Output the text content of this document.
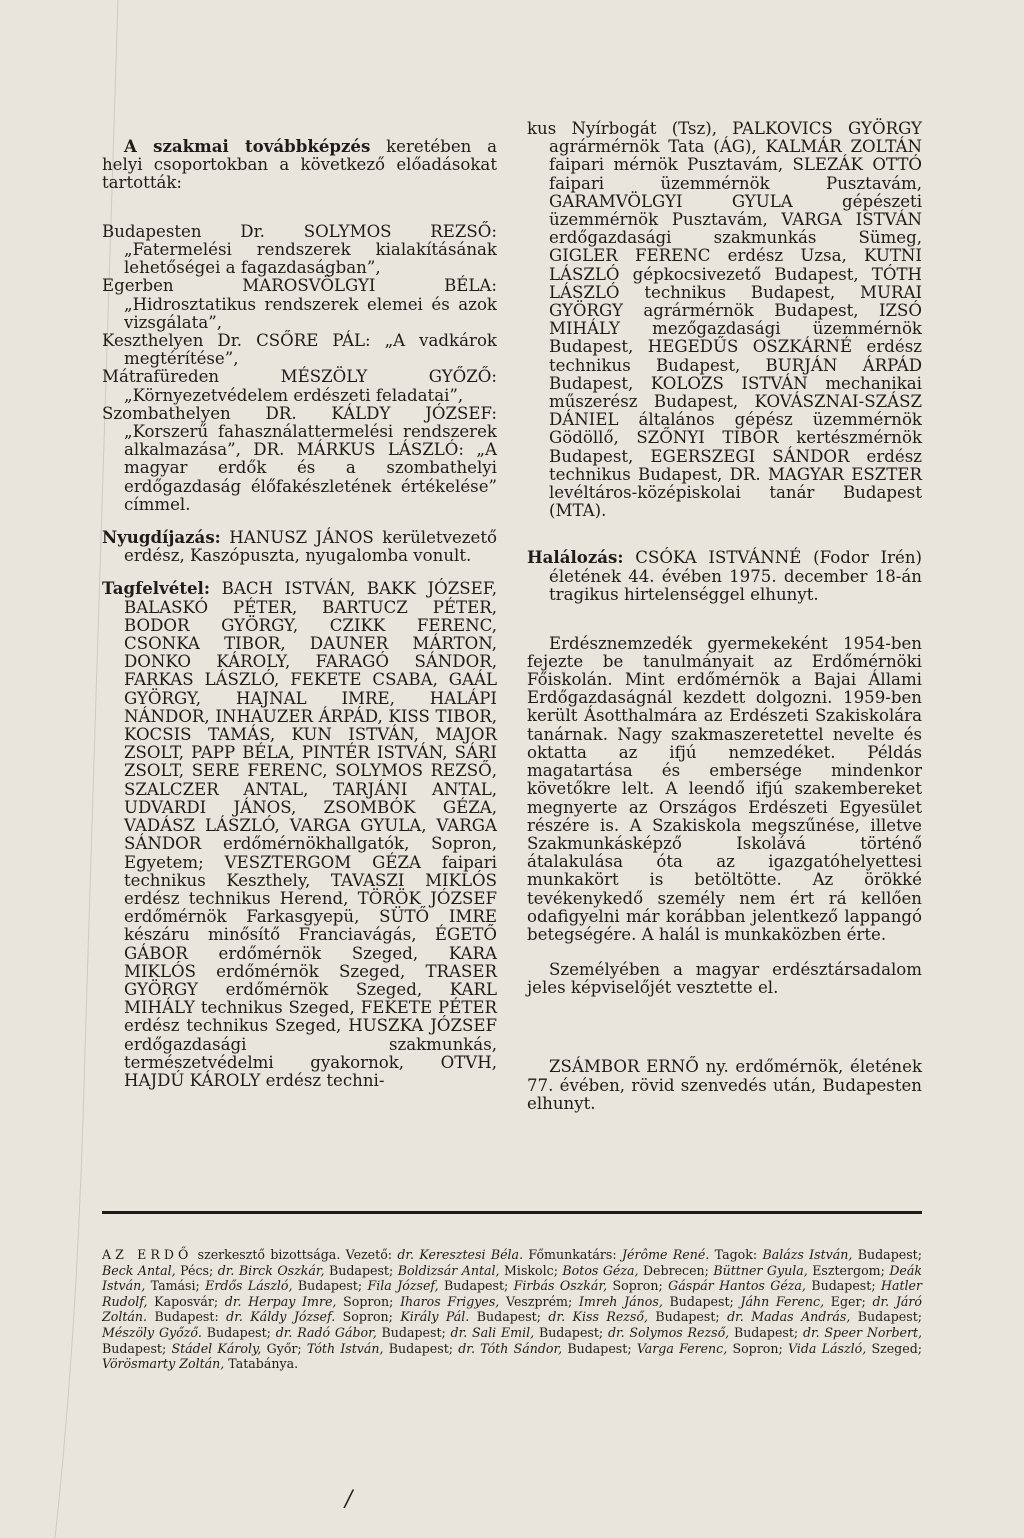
A szakmai továbbképzés keretében a helyi csoportokban a következő előadásokat tartották:

Budapesten Dr. SOLYMOS REZSŐ: „Fatermelési rendszerek kialakításának lehetőségei a fagazdaságban”,

Egerben MAROSVÖLGYI BÉLA: „Hidrosztatikus rendszerek elemei és azok vizsgálata”,

Keszthelyen Dr. CSŐRE PÁL: „A vadkárok megtérítése”,

Mátrafüreden MÉSZÖLY GYŐZŐ: „Környezetvédelem erdészeti feladatai”,

Szombathelyen DR. KÁLDY JÓZSEF: „Korszerű fahasználattermelési rendszerek alkalmazása”, DR. MÁRKUS LÁSZLÓ: „A magyar erdők és a szombathelyi erdőgazdaság élőfakészletének értékelése” címmel.

Nyugdíjazás: HANUSZ JÁNOS kerületvezető erdész, Kaszópuszta, nyugalomba vonult.

Tagfelvétel: BACH ISTVÁN, BAKK JÓZSEF, BALASKÓ PÉTER, BARTUCZ PÉTER, BODOR GYÖRGY, CZIKK FERENC, CSONKA TIBOR, DAUNER MÁRTON, DONKO KÁROLY, FARAGÓ SÁNDOR, FARKAS LÁSZLÓ, FEKETE CSABA, GAÁL GYÖRGY, HAJNAL IMRE, HALÁPI NÁNDOR, INHAUZER ÁRPÁD, KISS TIBOR, KOCSIS TAMÁS, KUN ISTVÁN, MAJOR ZSOLT, PAPP BÉLA, PINTÉR ISTVÁN, SÁRI ZSOLT, SERE FERENC, SOLYMOS REZSŐ, SZALCZER ANTAL, TARJÁNI ANTAL, UDVARDI JÁNOS, ZSOMBÓK GÉZA, VADÁSZ LÁSZLÓ, VARGA GYULA, VARGA SÁNDOR erdőmérnökhallgatók, Sopron, Egyetem; VESZTERGOM GÉZA faipari technikus Keszthely, TAVASZI MIKLÓS erdész technikus Herend, TÖRÖK JÓZSEF erdőmérnök Farkasgyepü, SÜTŐ IMRE készáru minősítő Franciavágás, ÉGETŐ GÁBOR erdőmérnök Szeged, KARA MIKLÓS erdőmérnök Szeged, TRASER GYÖRGY erdőmérnök Szeged, KARL MIHÁLY technikus Szeged, FEKETE PÉTER erdész technikus Szeged, HUSZKA JÓZSEF erdőgazdasági szakmunkás, természetvédelmi gyakornok, OTVH, HAJDÚ KÁROLY erdész techni-

kus Nyírbogát (Tsz), PALKOVICS GYÖRGY agrármérnök Tata (ÁG), KALMÁR ZOLTÁN faipari mérnök Pusztavám, SLEZÁK OTTÓ faipari üzemmérnök Pusztavám, GARAMVÖLGYI GYULA gépészeti üzemmérnök Pusztavám, VARGA ISTVÁN erdőgazdasági szakmunkás Sümeg, GIGLER FERENC erdész Uzsa, KUTNI LÁSZLÓ gépkocsivezető Budapest, TÓTH LÁSZLÓ technikus Budapest, MURAI GYÖRGY agrármérnök Budapest, IZSÓ MIHÁLY mezőgazdasági üzemmérnök Budapest, HEGEDŰS OSZKÁRNÉ erdész technikus Budapest, BURJÁN ÁRPÁD Budapest, KOLOZS ISTVÁN mechanikai műszerész Budapest, KOVÁSZNAI-SZÁSZ DÁNIEL általános gépész üzemmérnök Gödöllő, SZŐNYI TIBOR kertészmérnök Budapest, EGERSZEGI SÁNDOR erdész technikus Budapest, DR. MAGYAR ESZTER levéltáros-középiskolai tanár Budapest (MTA).

Halálozás: CSÓKA ISTVÁNNÉ (Fodor Irén) életének 44. évében 1975. december 18-án tragikus hirtelenséggel elhunyt.

Erdésznemzedék gyermekeként 1954-ben fejezte be tanulmányait az Erdőmérnöki Főiskolán. Mint erdőmérnök a Bajai Állami Erdőgazdaságnál kezdett dolgozni. 1959-ben került Ásotthalmára az Erdészeti Szakiskolára tanárnak. Nagy szakmaszeretettel nevelte és oktatta az ifjú nemzedéket. Példás magatartása és embersége mindenkor követőkre lelt. A leendő ifjú szakembereket megnyerte az Országos Erdészeti Egyesület részére is. A Szakiskola megszűnése, illetve Szakmunkásképző Iskolává történő átalakulása óta az igazgatóhelyettesi munkakört is betöltötte. Az örökké tevékenykedő személy nem ért rá kellően odafigyelni már korábban jelentkező lappangó betegségére. A halál is munkaközben érte.

Személyében a magyar erdésztársadalom jeles képviselőjét vesztette el.

ZSÁMBOR ERNŐ ny. erdőmérnök, életének 77. évében, rövid szenvedés után, Budapesten elhunyt.

AZ ERDŐ szerkesztő bizottsága. Vezető: dr. Keresztesi Béla. Főmunkatárs: Jérôme René. Tagok: Balázs István, Budapest; Beck Antal, Pécs; dr. Birck Oszkár, Budapest; Boldizsár Antal, Miskolc; Botos Géza, Debrecen; Büttner Gyula, Esztergom; Deák István, Tamási; Erdős László, Budapest; Fila József, Budapest; Firbás Oszkár, Sopron; Gáspár Hantos Géza, Budapest; Hatler Rudolf, Kaposvár; dr. Herpay Imre, Sopron; Iharos Frigyes, Veszprém; Imreh János, Budapest; Jáhn Ferenc, Eger; dr. Járó Zoltán. Budapest: dr. Káldy József. Sopron; Király Pál. Budapest; dr. Kiss Rezső, Budapest; dr. Madas András, Budapest; Mészöly Győző. Budapest; dr. Radó Gábor, Budapest; dr. Sali Emil, Budapest; dr. Solymos Rezső, Budapest; dr. Speer Norbert, Budapest; Stádel Károly, Győr; Tóth István, Budapest; dr. Tóth Sándor, Budapest; Varga Ferenc, Sopron; Vida László, Szeged; Vörösmarty Zoltán, Tatabánya.
/
